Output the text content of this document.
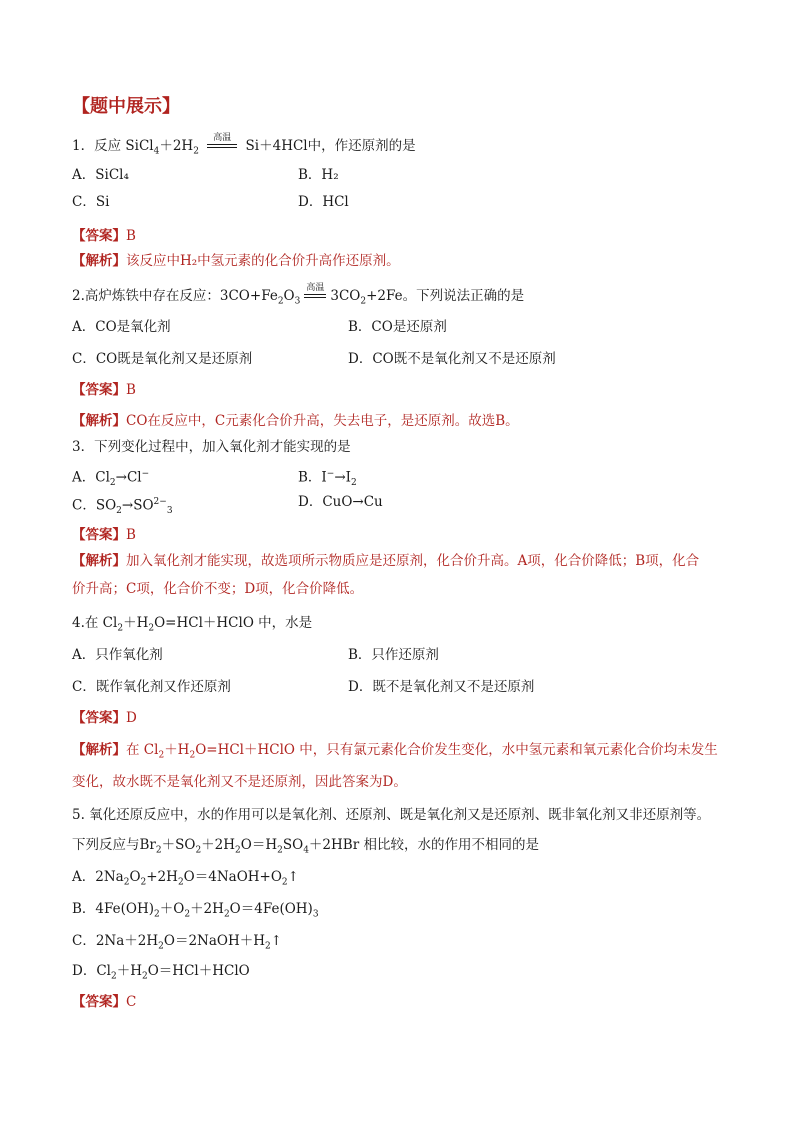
【题中展示】
1．反应 $SiCl_4+2H_2$
高温 Si＋4HCl中，作还原剂的是
A．SiCl₄	B．H₂
C．Si	D．HCl
【答案】B
【解析】该反应中H₂中氢元素的化合价升高作还原剂。
2.高炉炼铁中存在反应：$3CO+Fe_2O_3$
高温 $3CO_2+2Fe$。下列说法正确的是
A．CO是氧化剂	B．CO是还原剂
C．CO既是氧化剂又是还原剂	D．CO既不是氧化剂又不是还原剂
【答案】B
【解析】CO在反应中，C元素化合价升高，失去电子，是还原剂。故选B。
3．下列变化过程中，加入氧化剂才能实现的是
A．$Cl_2\to Cl^-$	B．$I^-\to I_2$
C．$SO_2\to SO^{2-}_3$
D．CuO→Cu
【答案】B
【解析】加入氧化剂才能实现，故选项所示物质应是还原剂，化合价升高。A项，化合价降低；B项，化合
价升高；C项，化合价不变；D项，化合价降低。
4.在 $Cl_2+H_2O=HCl+HClO$ 中，水是
A．只作氧化剂	B．只作还原剂
C．既作氧化剂又作还原剂	D．既不是氧化剂又不是还原剂
【答案】D
【解析】在 $Cl_2+H_2O=HCl+HClO$ 中，只有氯元素化合价发生变化，水中氢元素和氧元素化合价均未发生
变化，故水既不是氧化剂又不是还原剂，因此答案为D。
5. 氧化还原反应中，水的作用可以是氧化剂、还原剂、既是氧化剂又是还原剂、既非氧化剂又非还原剂等。
下列反应与$Br_2+SO_2+2H_2O=H_2SO_4+2HBr$ 相比较，水的作用不相同的是
A．$2Na_2O_2+2H_2O=4NaOH+O_2↑$
B．$4Fe(OH)_2+O_2+2H_2O=4Fe(OH)_3$
C．$2Na+2H_2O=2NaOH+H_2↑$
D．$Cl_2+H_2O=HCl+HClO$
【答案】C
